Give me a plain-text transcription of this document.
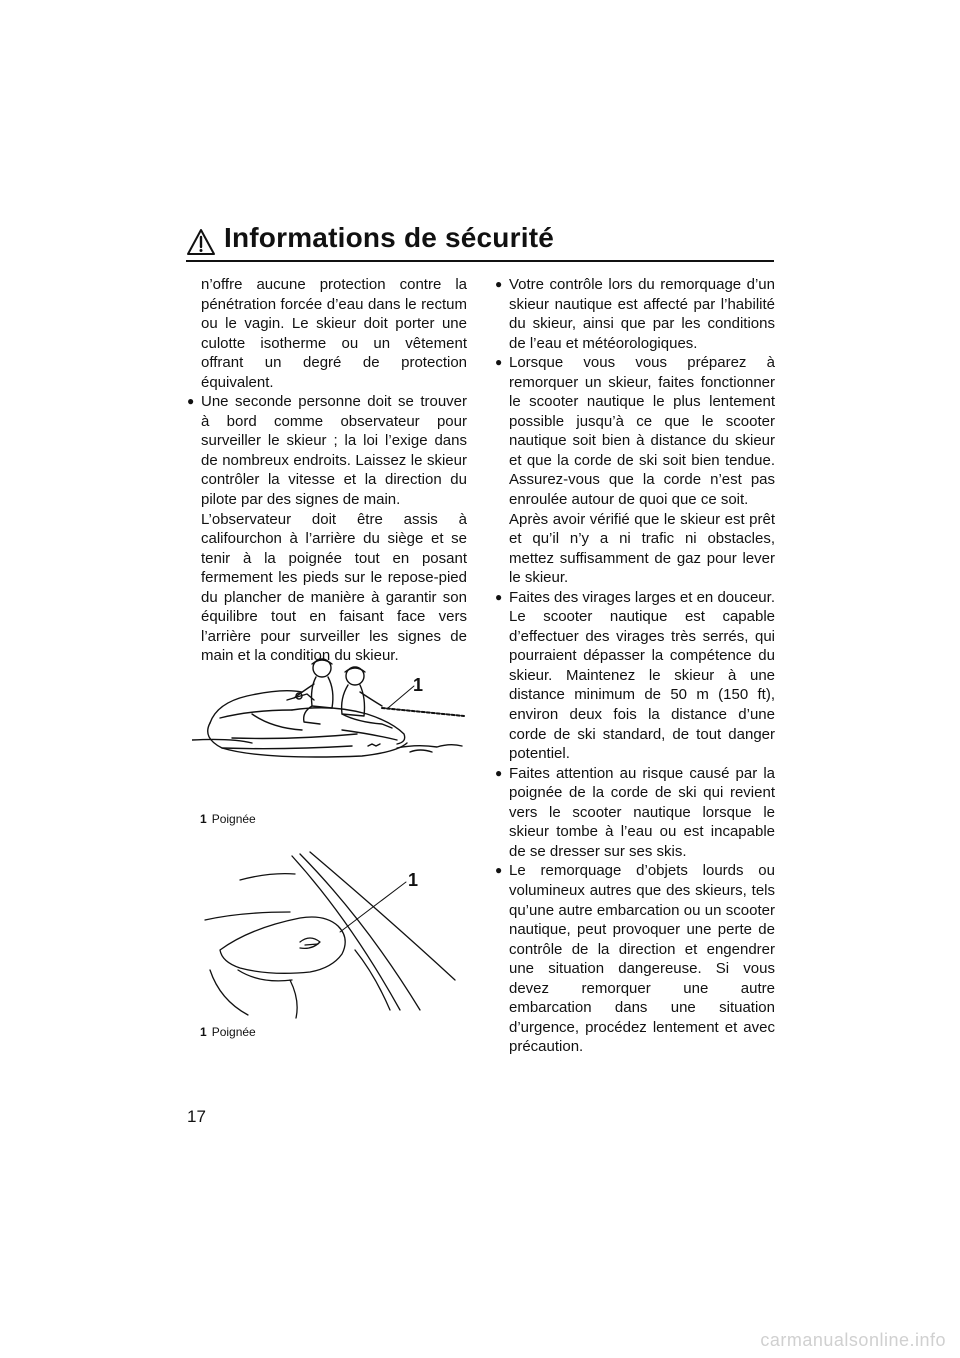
Informations de sécurité
n’offre aucune protection contre la pénétration forcée d’eau dans le rectum ou le vagin. Le skieur doit porter une culotte isotherme ou un vêtement offrant un degré de protection équivalent.
● Une seconde personne doit se trouver à bord comme observateur pour surveiller le skieur ; la loi l’exige dans de nombreux endroits. Laissez le skieur contrôler la vitesse et la direction du pilote par des signes de main.
L’observateur doit être assis à califourchon à l’arrière du siège et se tenir à la poignée tout en posant fermement les pieds sur le repose-pied du plancher de manière à garantir son équilibre tout en faisant face vers l’arrière pour surveiller les signes de main et la condition du skieur.
1
1 Poignée
1
1 Poignée
● Votre contrôle lors du remorquage d’un skieur nautique est affecté par l’habilité du skieur, ainsi que par les conditions de l’eau et météorologiques.
● Lorsque vous vous préparez à remorquer un skieur, faites fonctionner le scooter nautique le plus lentement possible jusqu’à ce que le scooter nautique soit bien à distance du skieur et que la corde de ski soit bien tendue. Assurez-vous que la corde n’est pas enroulée autour de quoi que ce soit.
Après avoir vérifié que le skieur est prêt et qu’il n’y a ni trafic ni obstacles, mettez suffisamment de gaz pour lever le skieur.
● Faites des virages larges et en douceur. Le scooter nautique est capable d’effectuer des virages très serrés, qui pourraient dépasser la compétence du skieur. Maintenez le skieur à une distance minimum de 50 m (150 ft), environ deux fois la distance d’une corde de ski standard, de tout danger potentiel.
● Faites attention au risque causé par la poignée de la corde de ski qui revient vers le scooter nautique lorsque le skieur tombe à l’eau ou est incapable de se dresser sur ses skis.
● Le remorquage d’objets lourds ou volumineux autres que des skieurs, tels qu’une autre embarcation ou un scooter nautique, peut provoquer une perte de contrôle de la direction et engendrer une situation dangereuse. Si vous devez remorquer une autre embarcation dans une situation d’urgence, procédez lentement et avec précaution.
17
carmanualsonline.info
